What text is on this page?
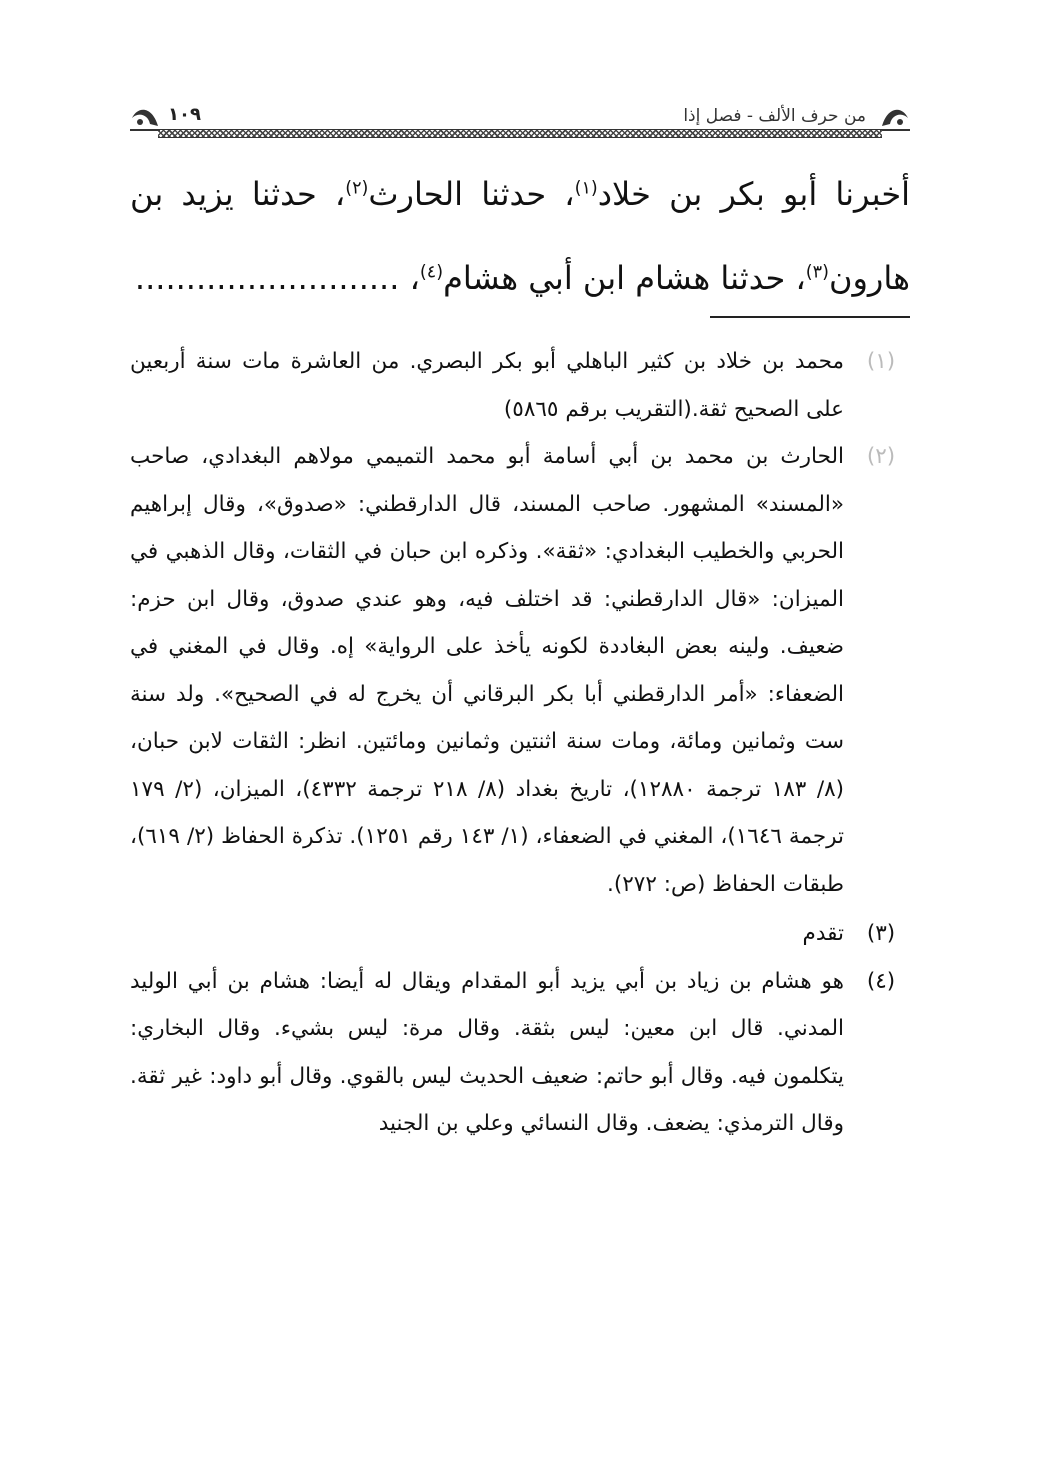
من حرف الألف - فصل إذا
١٠٩

أخبرنا أبو بكر بن خلاد$^{(١)}$، حدثنا الحارث$^{(٢)}$، حدثنا يزيد بن هارون$^{(٣)}$، حدثنا هشام ابن أبي هشام$^{(٤)}$، ..........................

(١)

محمد بن خلاد بن كثير الباهلي أبو بكر البصري. من العاشرة مات سنة أربعين على الصحيح ثقة.(التقريب برقم ٥٨٦٥)

(٢)

الحارث بن محمد بن أبي أسامة أبو محمد التميمي مولاهم البغدادي، صاحب «المسند» المشهور. صاحب المسند، قال الدارقطني: «صدوق»، وقال إبراهيم الحربي والخطيب البغدادي: «ثقة». وذكره ابن حبان في الثقات، وقال الذهبي في الميزان: «قال الدارقطني: قد اختلف فيه، وهو عندي صدوق، وقال ابن حزم: ضعيف. ولينه بعض البغاددة لكونه يأخذ على الرواية» إه. وقال في المغني في الضعفاء: «أمر الدارقطني أبا بكر البرقاني أن يخرج له في الصحيح». ولد سنة ست وثمانين ومائة، ومات سنة اثنتين وثمانين ومائتين. انظر: الثقات لابن حبان، (٨/ ١٨٣ ترجمة ١٢٨٨٠)، تاريخ بغداد (٨/ ٢١٨ ترجمة ٤٣٣٢)، الميزان، (٢/ ١٧٩ ترجمة ١٦٤٦)، المغني في الضعفاء، (١/ ١٤٣ رقم ١٢٥١). تذكرة الحفاظ (٢/ ٦١٩)، طبقات الحفاظ (ص: ٢٧٢).

(٣)

تقدم

(٤)

هو هشام بن زياد بن أبي يزيد أبو المقدام ويقال له أيضا: هشام بن أبي الوليد المدني. قال ابن معين: ليس بثقة. وقال مرة: ليس بشيء. وقال البخاري: يتكلمون فيه. وقال أبو حاتم: ضعيف الحديث ليس بالقوي. وقال أبو داود: غير ثقة. وقال الترمذي: يضعف. وقال النسائي وعلي بن الجنيد
